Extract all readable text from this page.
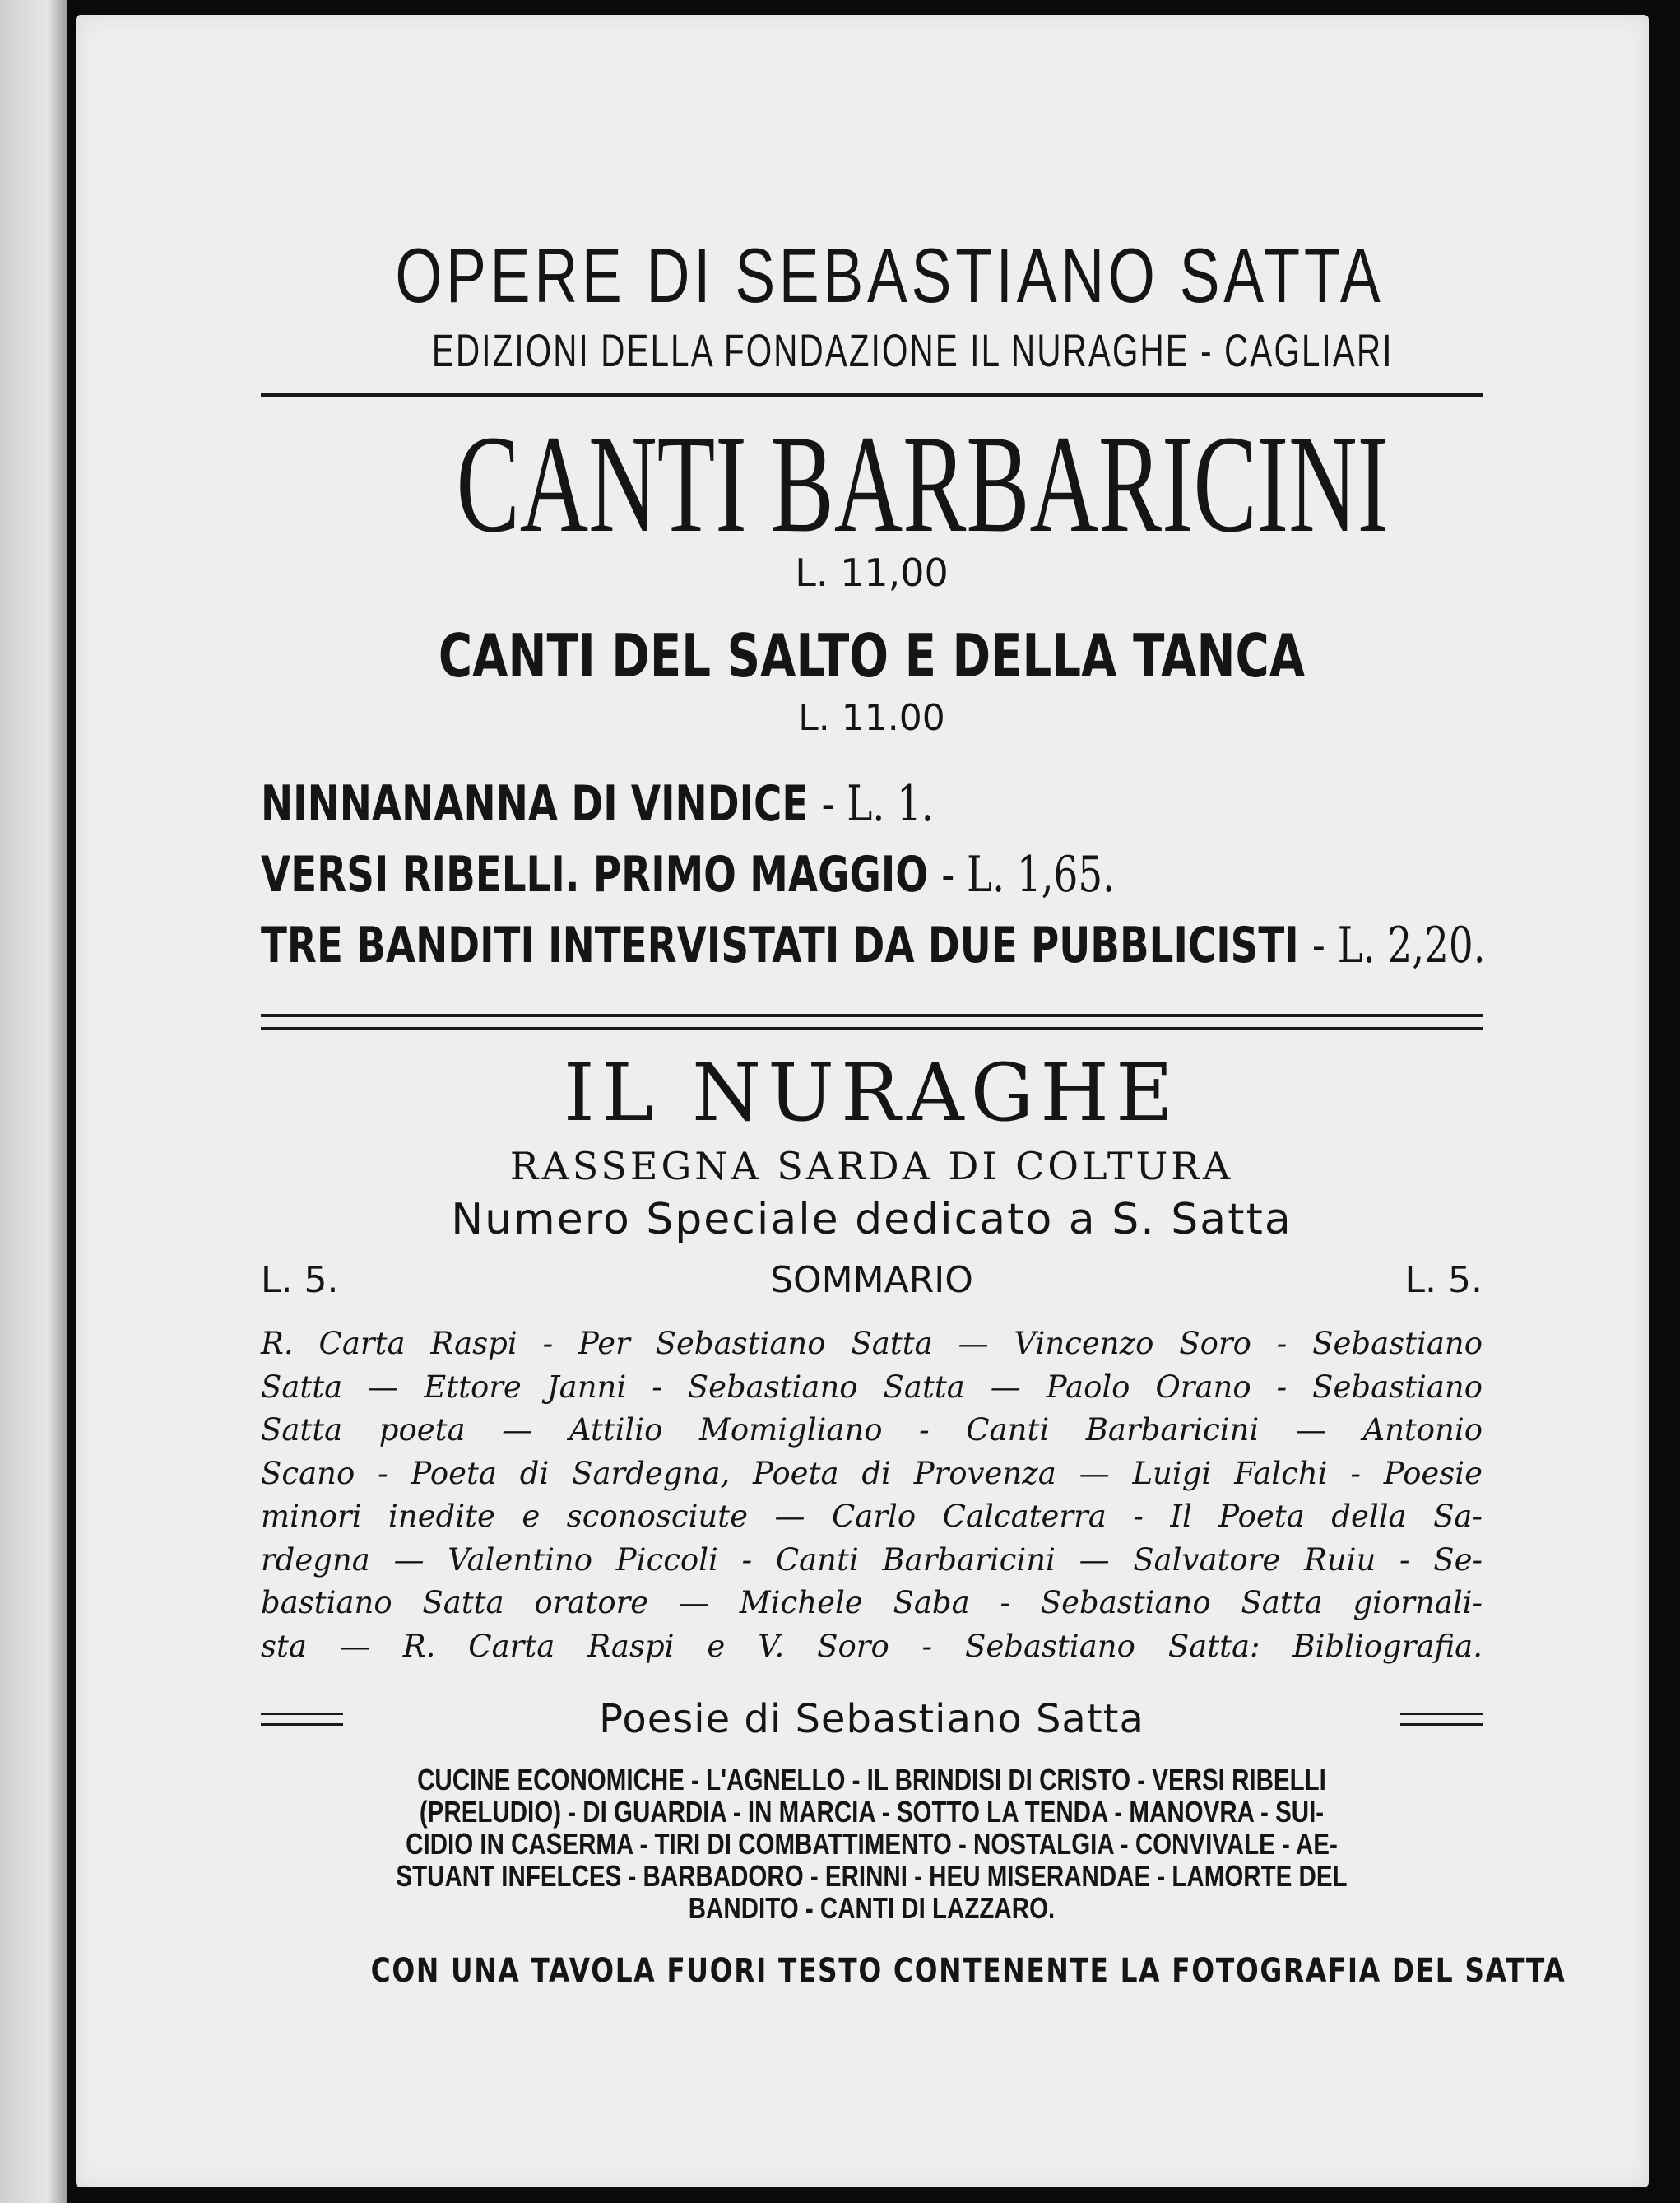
OPERE DI SEBASTIANO SATTA
EDIZIONI DELLA FONDAZIONE IL NURAGHE - CAGLIARI
CANTI BARBARICINI
L. 11,00
CANTI DEL SALTO E DELLA TANCA
L. 11.00
NINNANANNA DI VINDICE - L. 1.
VERSI RIBELLI. PRIMO MAGGIO - L. 1,65.
TRE BANDITI INTERVISTATI DA DUE PUBBLICISTI - L. 2,20.
IL NURAGHE
RASSEGNA SARDA DI COLTURA
Numero Speciale dedicato a S. Satta
L. 5.	SOMMARIO	L. 5.
R. Carta Raspi - Per Sebastiano Satta — Vincenzo Soro - Sebastiano
Satta — Ettore Janni - Sebastiano Satta — Paolo Orano - Sebastiano
Satta poeta — Attilio Momigliano - Canti Barbaricini — Antonio
Scano - Poeta di Sardegna, Poeta di Provenza — Luigi Falchi - Poesie
minori inedite e sconosciute — Carlo Calcaterra - Il Poeta della Sa-
rdegna — Valentino Piccoli - Canti Barbaricini — Salvatore Ruiu - Se-
bastiano Satta oratore — Michele Saba - Sebastiano Satta giornali-
sta — R. Carta Raspi e V. Soro - Sebastiano Satta: Bibliografia.
Poesie di Sebastiano Satta
CUCINE ECONOMICHE - L'AGNELLO - IL BRINDISI DI CRISTO - VERSI RIBELLI
(PRELUDIO) - DI GUARDIA - IN MARCIA - SOTTO LA TENDA - MANOVRA - SUI-
CIDIO IN CASERMA - TIRI DI COMBATTIMENTO - NOSTALGIA - CONVIVALE - AE-
STUANT INFELCES - BARBADORO - ERINNI - HEU MISERANDAE - LAMORTE DEL
BANDITO - CANTI DI LAZZARO.
CON UNA TAVOLA FUORI TESTO CONTENENTE LA FOTOGRAFIA DEL SATTA
